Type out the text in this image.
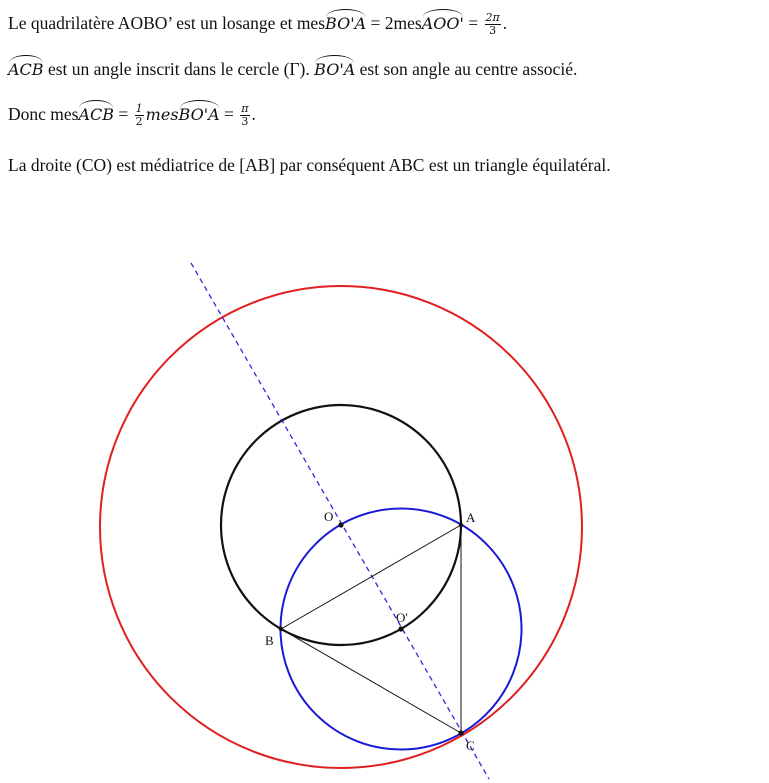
Le quadrilatère AOBO’ est un losange et mesBO'A = 2mesAOO' = $\frac{2\pi}{3}$ .
ACB est un angle inscrit dans le cercle (Γ). BO'A est son angle au centre associé.
Donc mesACB = $\frac{1}{2}$ mesBO'A = $\frac{\pi}{3}$ .
La droite (CO) est médiatrice de [AB] par conséquent ABC est un triangle équilatéral.
O	A
B
O'
C
